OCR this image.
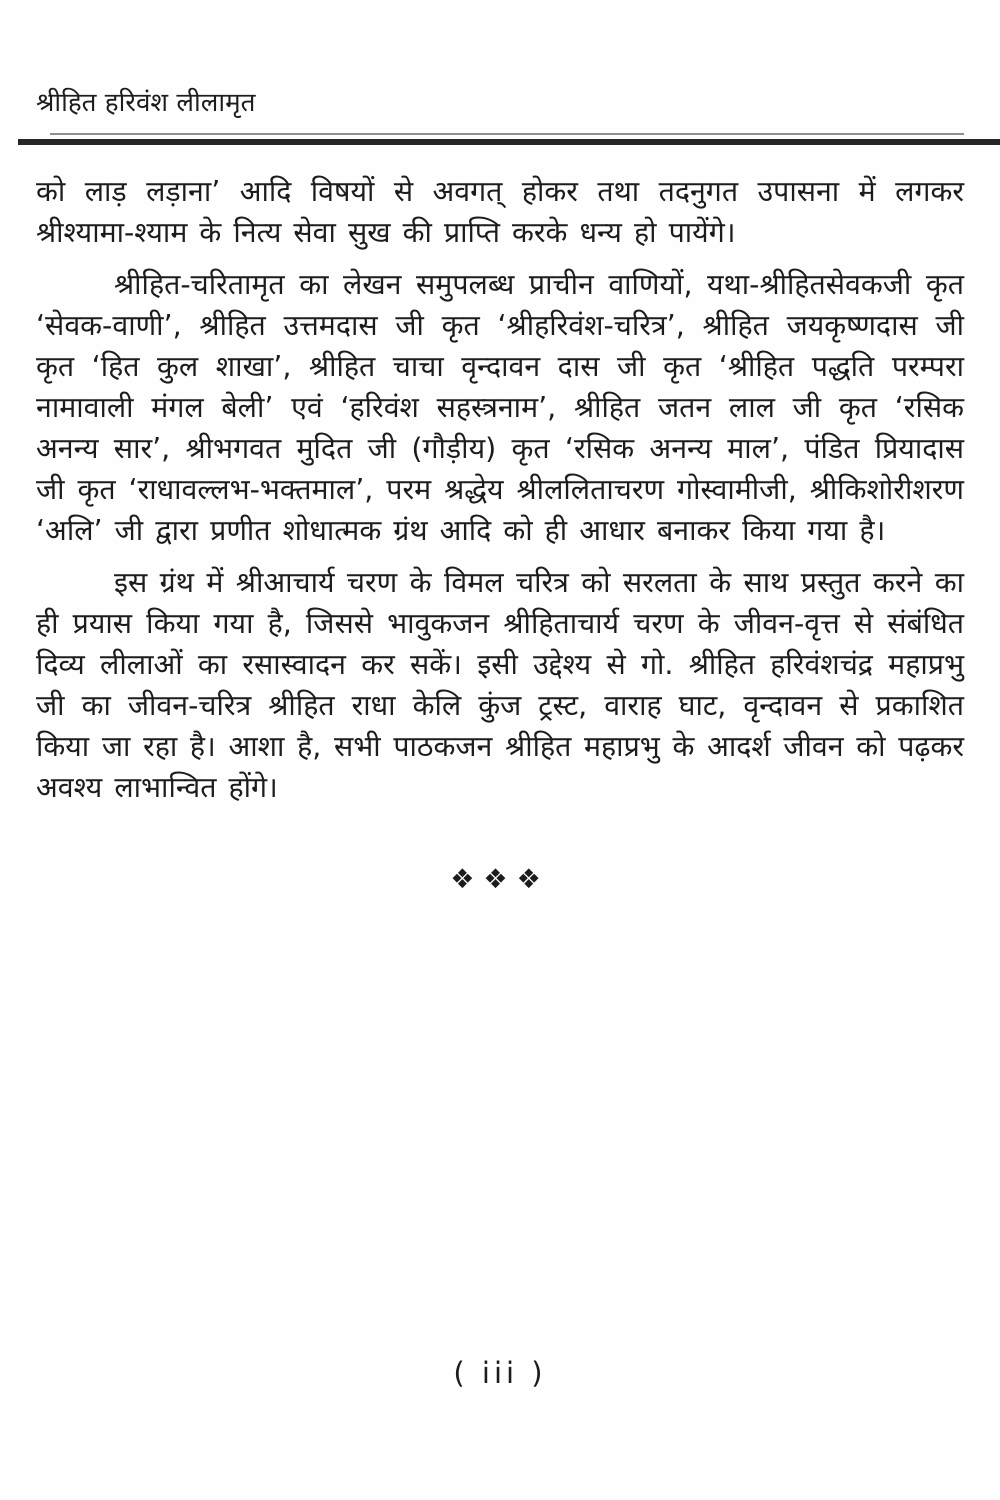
श्रीहित हरिवंश लीलामृत

को लाड़ लड़ाना’ आदि विषयों से अवगत् होकर तथा तदनुगत उपासना में लगकर श्रीश्यामा-श्याम के नित्य सेवा सुख की प्राप्ति करके धन्य हो पायेंगे।

श्रीहित-चरितामृत का लेखन समुपलब्ध प्राचीन वाणियों, यथा-श्रीहितसेवकजी कृत ‘सेवक-वाणी’, श्रीहित उत्तमदास जी कृत ‘श्रीहरिवंश-चरित्र’, श्रीहित जयकृष्णदास जी कृत ‘हित कुल शाखा’, श्रीहित चाचा वृन्दावन दास जी कृत ‘श्रीहित पद्धति परम्परा नामावाली मंगल बेली’ एवं ‘हरिवंश सहस्त्रनाम’, श्रीहित जतन लाल जी कृत ‘रसिक अनन्य सार’, श्रीभगवत मुदित जी (गौड़ीय) कृत ‘रसिक अनन्य माल’, पंडित प्रियादास जी कृत ‘राधावल्लभ-भक्तमाल’, परम श्रद्धेय श्रीललिताचरण गोस्वामीजी, श्रीकिशोरीशरण ‘अलि’ जी द्वारा प्रणीत शोधात्मक ग्रंथ आदि को ही आधार बनाकर किया गया है।

इस ग्रंथ में श्रीआचार्य चरण के विमल चरित्र को सरलता के साथ प्रस्तुत करने का ही प्रयास किया गया है, जिससे भावुकजन श्रीहिताचार्य चरण के जीवन-वृत्त से संबंधित दिव्य लीलाओं का रसास्वादन कर सकें। इसी उद्देश्य से गो. श्रीहित हरिवंशचंद्र महाप्रभु जी का जीवन-चरित्र श्रीहित राधा केलि कुंज ट्रस्ट, वाराह घाट, वृन्दावन से प्रकाशित किया जा रहा है। आशा है, सभी पाठकजन श्रीहित महाप्रभु के आदर्श जीवन को पढ़कर अवश्य लाभान्वित होंगे।

❖❖❖
( iii )
